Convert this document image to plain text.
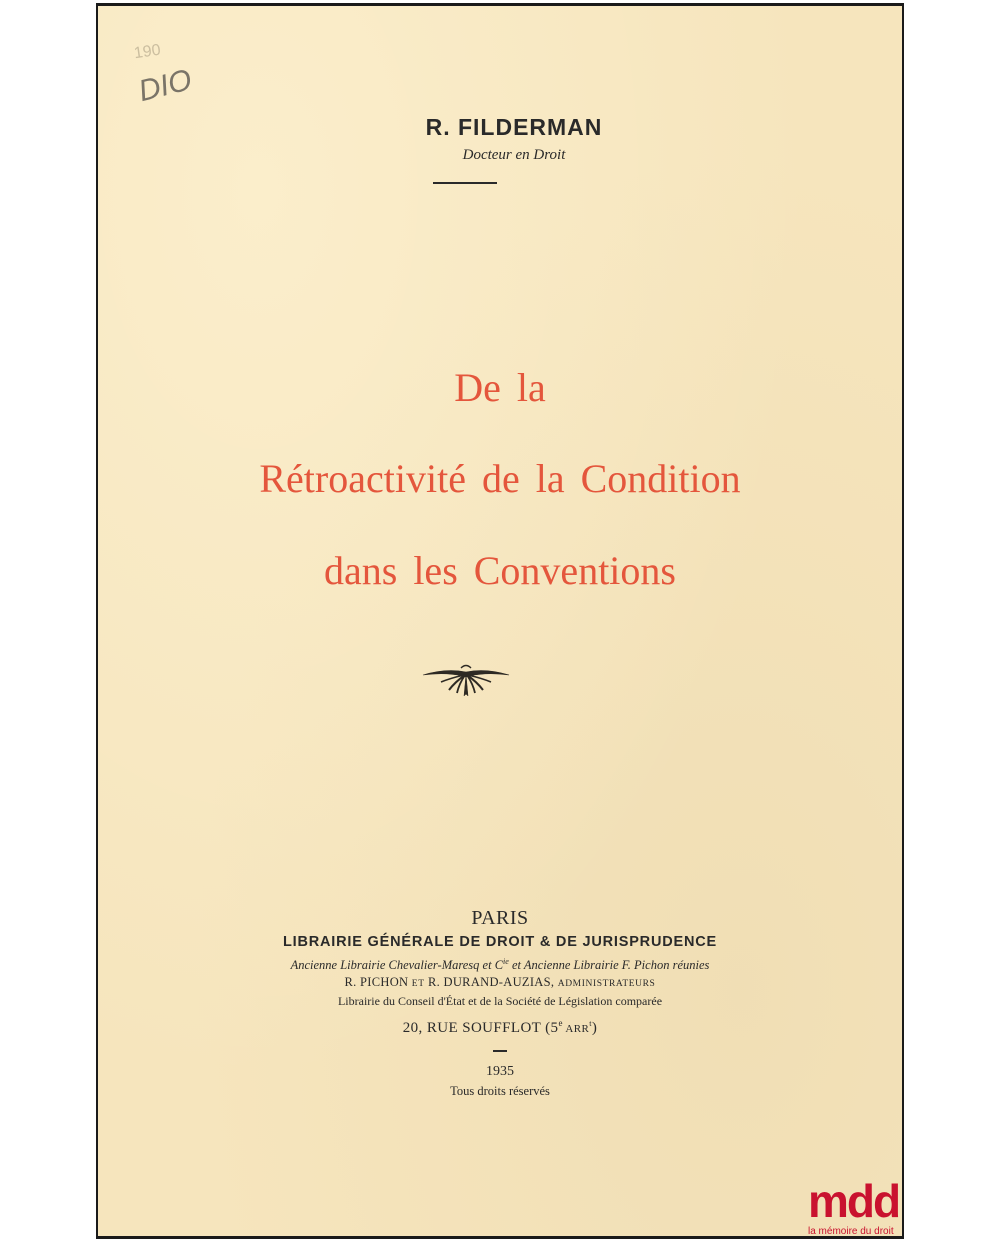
190
DIO
R. FILDERMAN
Docteur en Droit
De la
Rétroactivité de la Condition
dans les Conventions
PARIS
LIBRAIRIE GÉNÉRALE DE DROIT & DE JURISPRUDENCE
Ancienne Librairie Chevalier-Maresq et $C^{ie}$ et Ancienne Librairie F. Pichon réunies
R. PICHON ET R. DURAND-AUZIAS, ADMINISTRATEURS
Librairie du Conseil d'État et de la Société de Législation comparée
20, RUE SOUFFLOT (5e ARR$^t$)
1935
Tous droits réservés
mdd
la mémoire du droit
